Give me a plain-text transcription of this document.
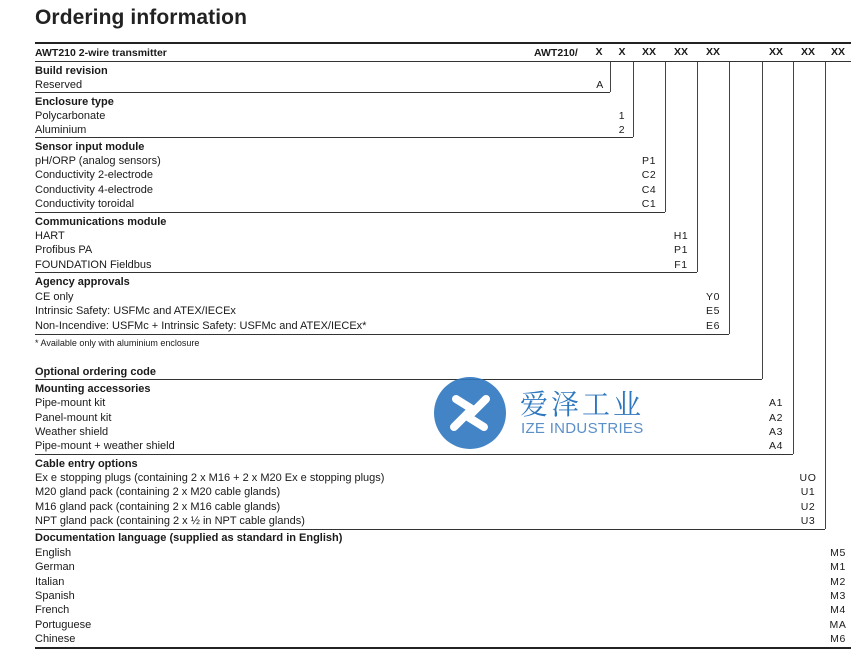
Ordering information
AWT210 2-wire transmitter	AWT210/	X	X	XX	XX	XX	XX	XX	XX
Build revision
Reserved	A
Enclosure type
Polycarbonate	1
Aluminium	2
Sensor input module
pH/ORP (analog sensors)	P1
Conductivity 2-electrode	C2
Conductivity 4-electrode	C4
Conductivity toroidal	C1
Communications module
HART	H1
Profibus PA	P1
FOUNDATION Fieldbus	F1
Agency approvals
CE only	Y0
Intrinsic Safety: USFMc and ATEX/IECEx	E5
Non-Incendive: USFMc + Intrinsic Safety: USFMc and ATEX/IECEx*	E6
* Available only with aluminium enclosure
Optional ordering code
Mounting accessories
Pipe-mount kit	A1
Panel-mount kit	A2
Weather shield	A3
Pipe-mount + weather shield	A4
Cable entry options
Ex e stopping plugs (containing 2 x M16 + 2 x M20 Ex e stopping plugs)	UO
M20 gland pack (containing 2 x M20 cable glands)	U1
M16 gland pack (containing 2 x M16 cable glands)	U2
NPT gland pack (containing 2 x ½ in NPT cable glands)	U3
Documentation language (supplied as standard in English)
English	M5
German	M1
Italian	M2
Spanish	M3
French	M4
Portuguese	MA
Chinese	M6
爱泽工业
IZE INDUSTRIES
